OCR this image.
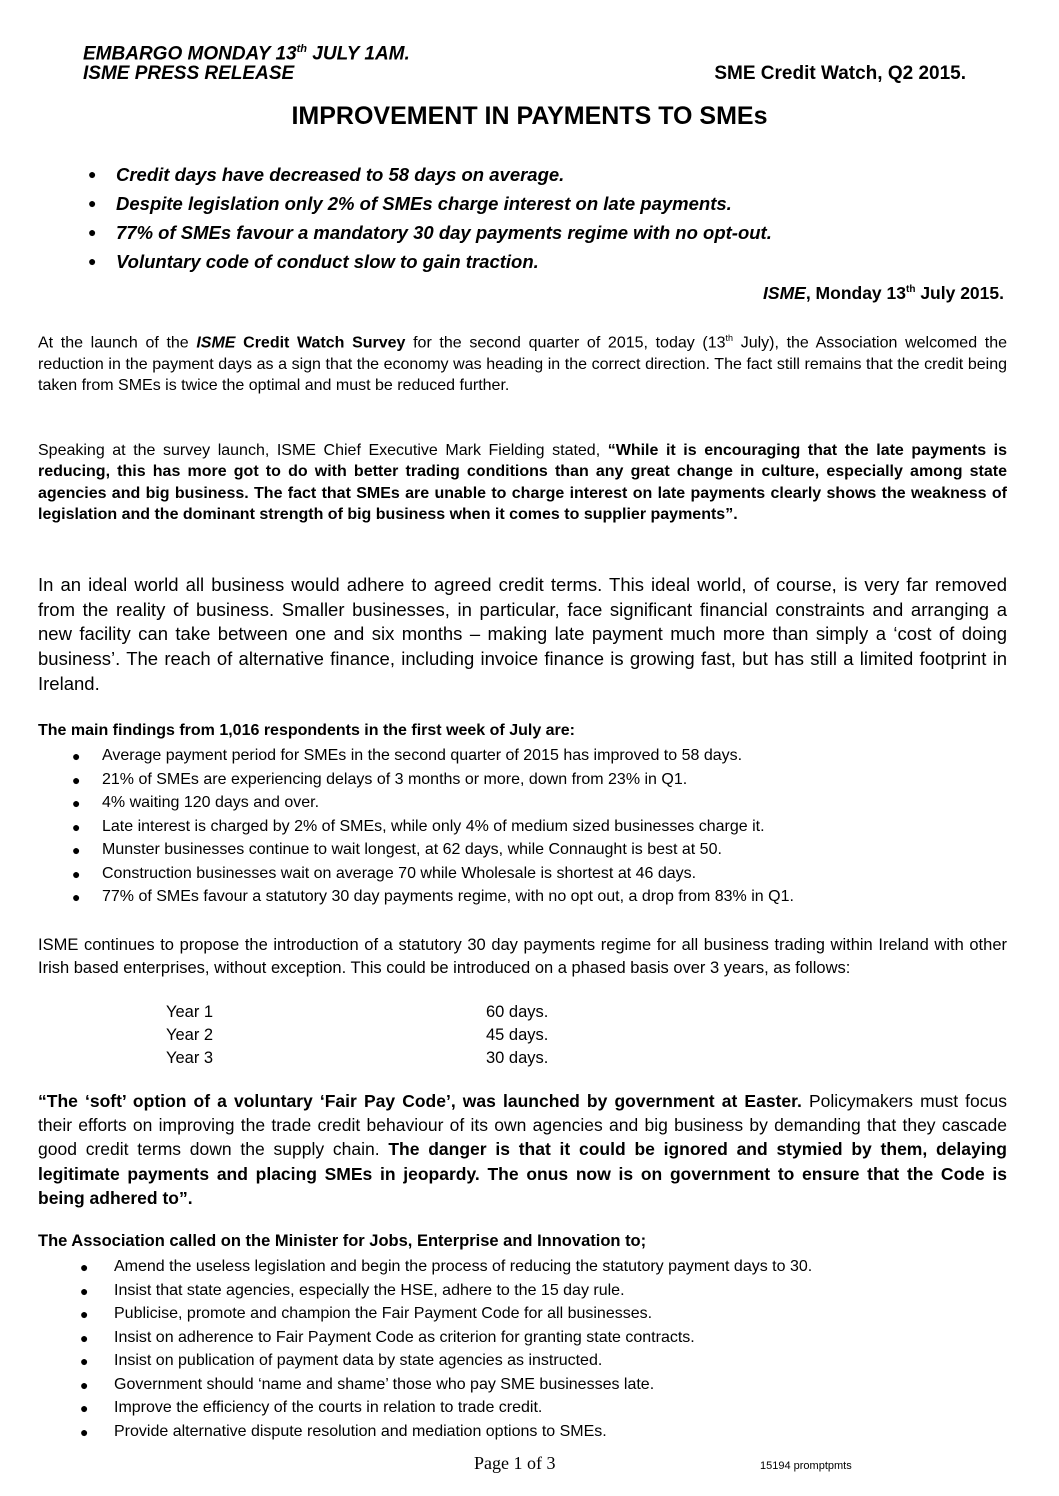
EMBARGO MONDAY 13th JULY 1AM.
ISME PRESS RELEASE	SME Credit Watch, Q2 2015.
IMPROVEMENT IN PAYMENTS TO SMEs
● Credit days have decreased to 58 days on average.
● Despite legislation only 2% of SMEs charge interest on late payments.
● 77% of SMEs favour a mandatory 30 day payments regime with no opt-out.
● Voluntary code of conduct slow to gain traction.
ISME, Monday 13th July 2015.
At the launch of the ISME Credit Watch Survey for the second quarter of 2015, today (13th July), the Association welcomed the reduction in the payment days as a sign that the economy was heading in the correct direction. The fact still remains that the credit being taken from SMEs is twice the optimal and must be reduced further.
Speaking at the survey launch, ISME Chief Executive Mark Fielding stated, “While it is encouraging that the late payments is reducing, this has more got to do with better trading conditions than any great change in culture, especially among state agencies and big business. The fact that SMEs are unable to charge interest on late payments clearly shows the weakness of legislation and the dominant strength of big business when it comes to supplier payments”.
In an ideal world all business would adhere to agreed credit terms. This ideal world, of course, is very far removed from the reality of business. Smaller businesses, in particular, face significant financial constraints and arranging a new facility can take between one and six months – making late payment much more than simply a ‘cost of doing business’. The reach of alternative finance, including invoice finance is growing fast, but has still a limited footprint in Ireland.
The main findings from 1,016 respondents in the first week of July are:
● Average payment period for SMEs in the second quarter of 2015 has improved to 58 days.
● 21% of SMEs are experiencing delays of 3 months or more, down from 23% in Q1.
● 4% waiting 120 days and over.
● Late interest is charged by 2% of SMEs, while only 4% of medium sized businesses charge it.
● Munster businesses continue to wait longest, at 62 days, while Connaught is best at 50.
● Construction businesses wait on average 70 while Wholesale is shortest at 46 days.
● 77% of SMEs favour a statutory 30 day payments regime, with no opt out, a drop from 83% in Q1.
ISME continues to propose the introduction of a statutory 30 day payments regime for all business trading within Ireland with other Irish based enterprises, without exception. This could be introduced on a phased basis over 3 years, as follows:
Year 1	60 days.
Year 2	45 days.
Year 3	30 days.
“The ‘soft’ option of a voluntary ‘Fair Pay Code’, was launched by government at Easter. Policymakers must focus their efforts on improving the trade credit behaviour of its own agencies and big business by demanding that they cascade good credit terms down the supply chain. The danger is that it could be ignored and stymied by them, delaying legitimate payments and placing SMEs in jeopardy. The onus now is on government to ensure that the Code is being adhered to”.
The Association called on the Minister for Jobs, Enterprise and Innovation to;
● Amend the useless legislation and begin the process of reducing the statutory payment days to 30.
● Insist that state agencies, especially the HSE, adhere to the 15 day rule.
● Publicise, promote and champion the Fair Payment Code for all businesses.
● Insist on adherence to Fair Payment Code as criterion for granting state contracts.
● Insist on publication of payment data by state agencies as instructed.
● Government should ‘name and shame’ those who pay SME businesses late.
● Improve the efficiency of the courts in relation to trade credit.
● Provide alternative dispute resolution and mediation options to SMEs.
Page 1 of 3	15194 promptpmts
